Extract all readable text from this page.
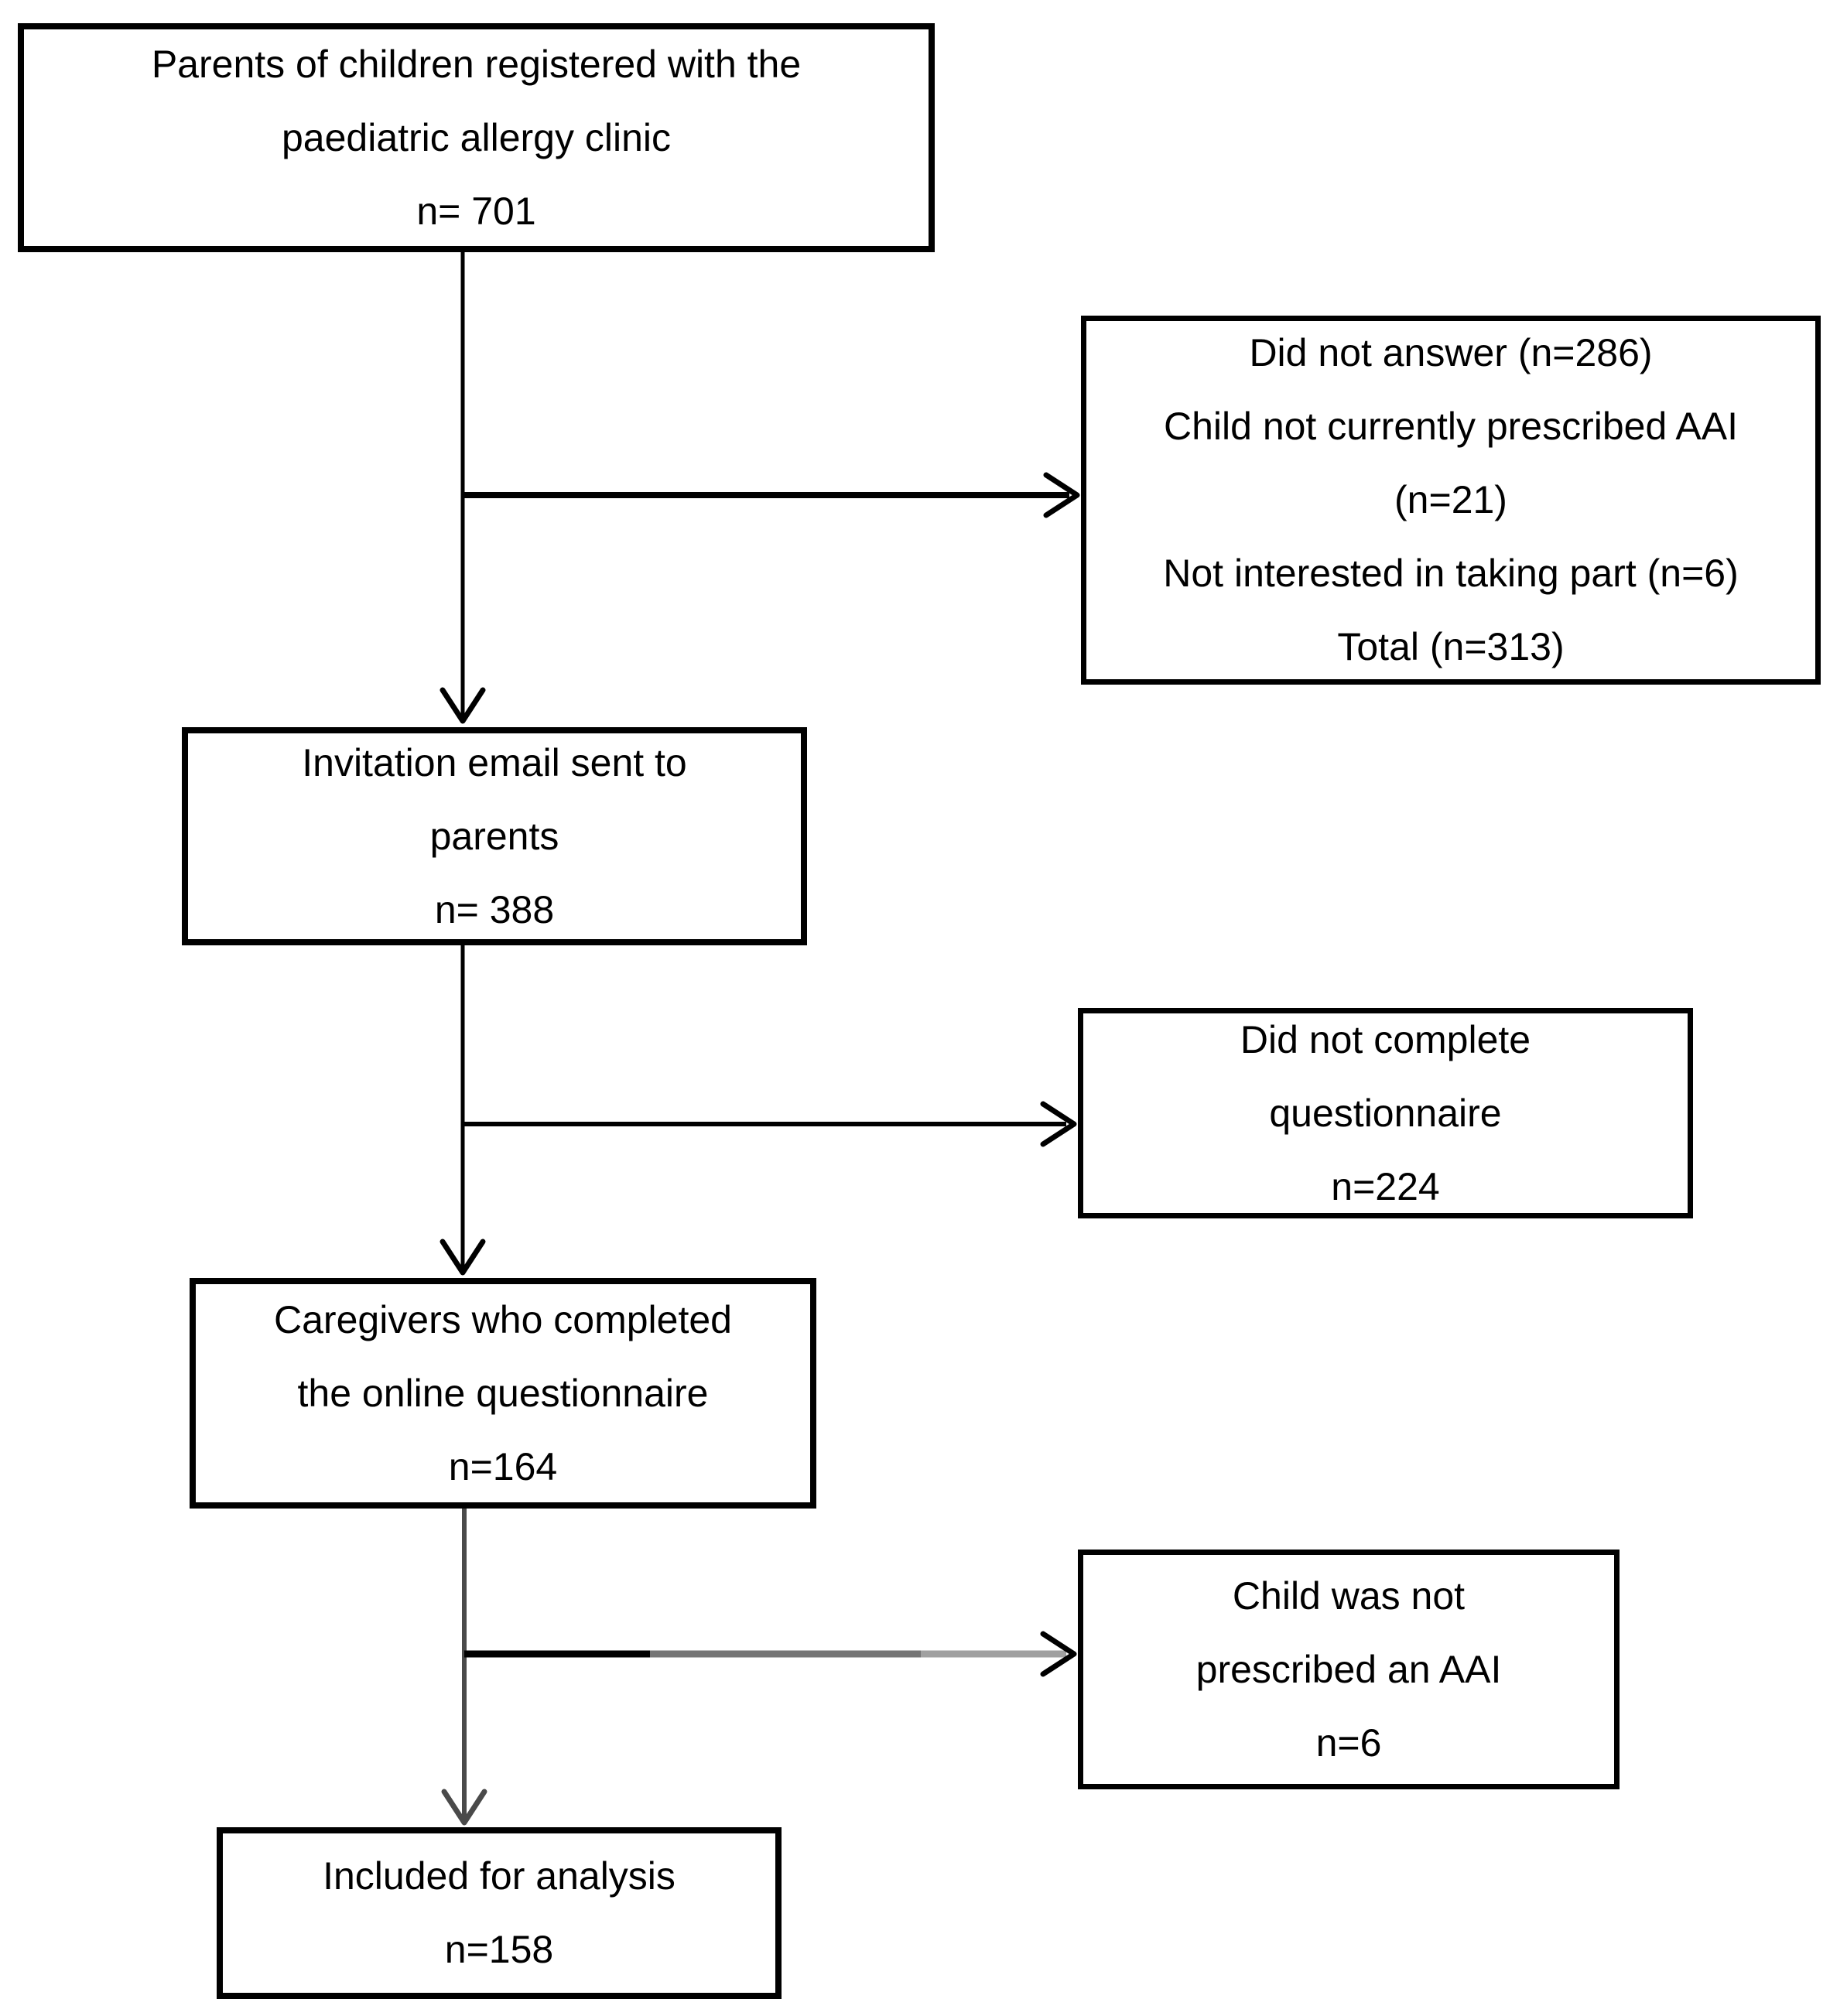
Parents of children registered with the
paediatric allergy clinic
n= 701
Invitation email sent to
parents
n= 388
Caregivers who completed
the online questionnaire
n=164
Included for analysis
n=158
Did not answer (n=286)
Child not currently prescribed AAI
(n=21)
Not interested in taking part (n=6)
Total (n=313)
Did not complete
questionnaire
n=224
Child was not
prescribed an AAI
n=6
